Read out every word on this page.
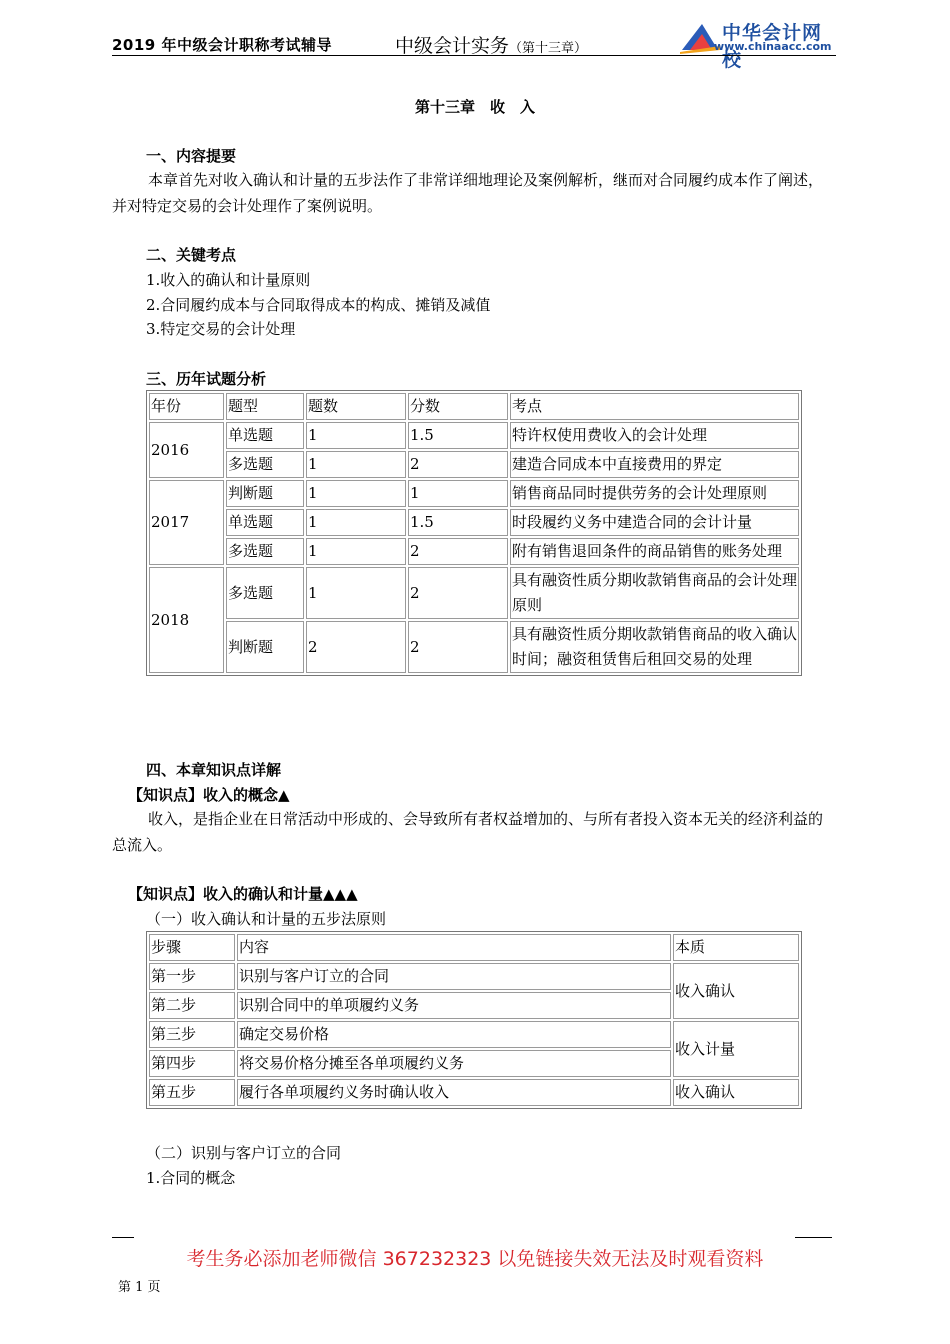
2019 年中级会计职称考试辅导	中级会计实务（第十三章）
中华会计网校
www.chinaacc.com
第十三章　收　入
一、内容提要
本章首先对收入确认和计量的五步法作了非常详细地理论及案例解析，继而对合同履约成本作了阐述，并对特定交易的会计处理作了案例说明。
二、关键考点
1.收入的确认和计量原则
2.合同履约成本与合同取得成本的构成、摊销及减值
3.特定交易的会计处理
三、历年试题分析
年份	题型	题数	分数	考点
2016	单选题	1	1.5	特许权使用费收入的会计处理
	多选题	1	2	建造合同成本中直接费用的界定
2017	判断题	1	1	销售商品同时提供劳务的会计处理原则
	单选题	1	1.5	时段履约义务中建造合同的会计计量
	多选题	1	2	附有销售退回条件的商品销售的账务处理
2018	多选题	1	2	具有融资性质分期收款销售商品的会计处理原则
	判断题	2	2	具有融资性质分期收款销售商品的收入确认时间；融资租赁售后租回交易的处理
四、本章知识点详解
【知识点】收入的概念▲
收入，是指企业在日常活动中形成的、会导致所有者权益增加的、与所有者投入资本无关的经济利益的总流入。
【知识点】收入的确认和计量▲▲▲
（一）收入确认和计量的五步法原则
步骤	内容	本质
第一步	识别与客户订立的合同	收入确认
第二步	识别合同中的单项履约义务	
第三步	确定交易价格	收入计量
第四步	将交易价格分摊至各单项履约义务	
第五步	履行各单项履约义务时确认收入	收入确认
（二）识别与客户订立的合同
1.合同的概念
考生务必添加老师微信 367232323 以免链接失效无法及时观看资料
第 1 页
